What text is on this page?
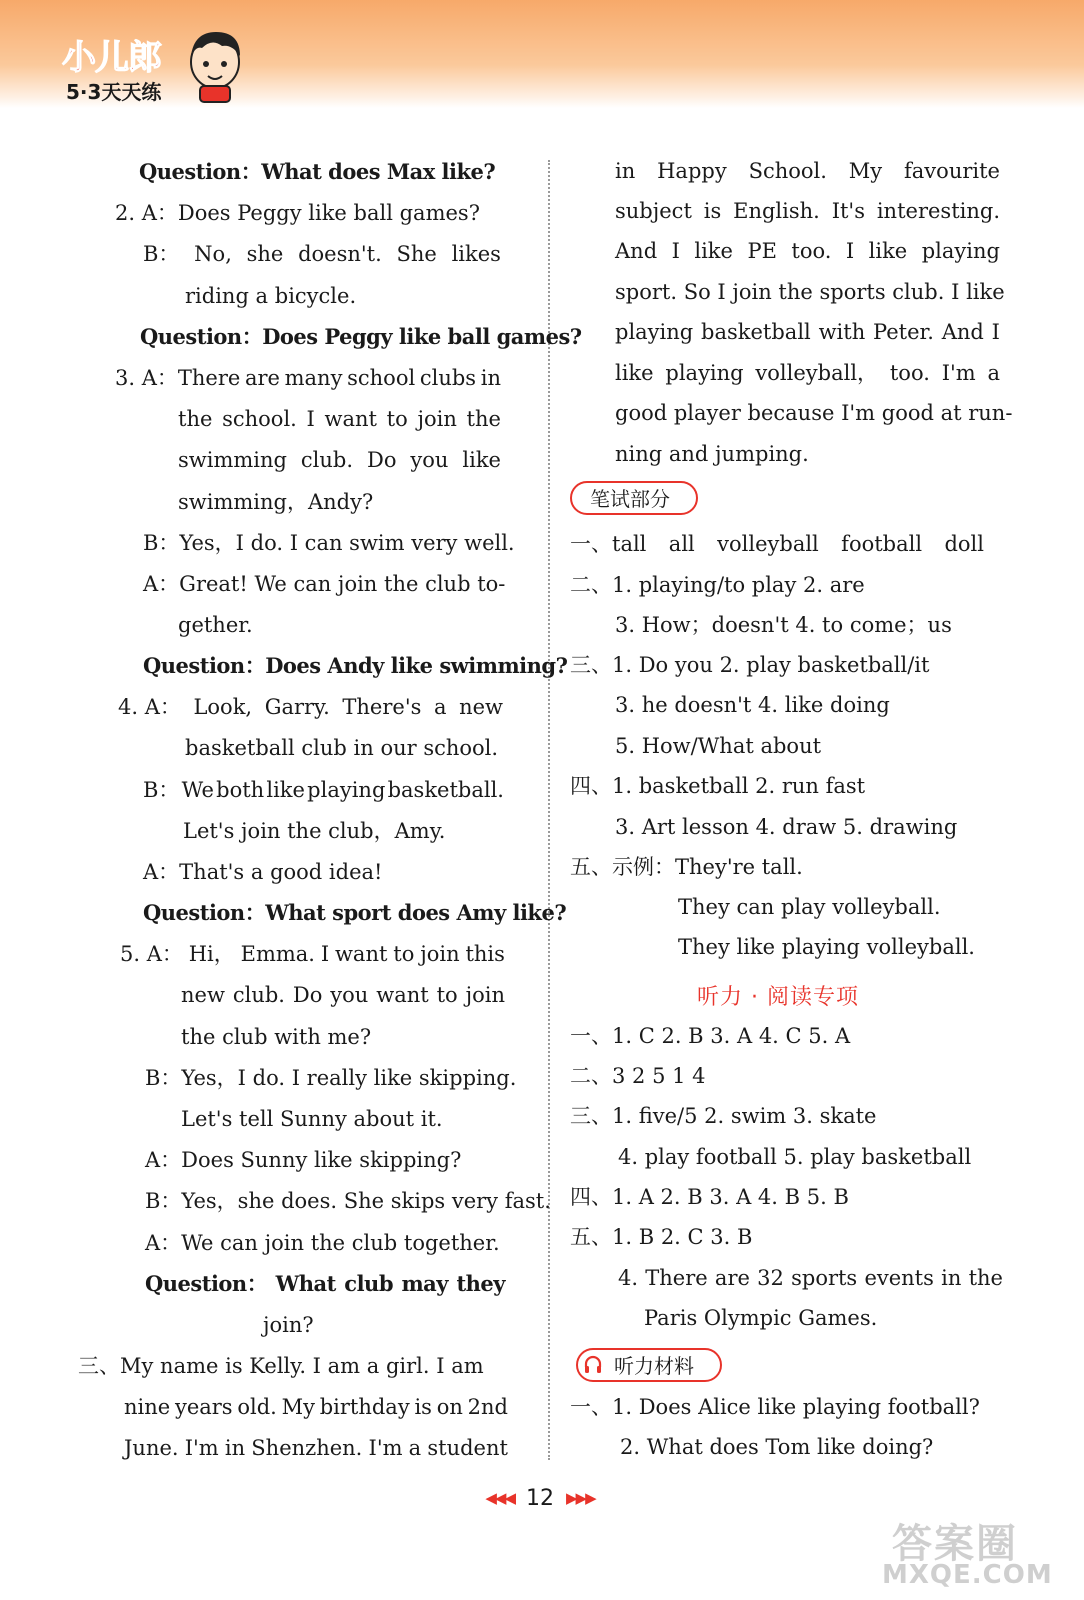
小儿郎
5·3天天练
Question：What does Max like?
2. A：Does Peggy like ball games?
B： No, she doesn't. She likes
riding a bicycle.
Question：Does Peggy like ball games?
3. A：There are many school clubs in
the school. I want to join the
swimming club. Do you like
swimming，Andy?
B：Yes，I do. I can swim very well.
A：Great! We can join the club to-
gether.
Question：Does Andy like swimming?
4. A： Look, Garry. There's a new
basketball club in our school.
B： We both like playing basketball.
Let's join the club，Amy.
A：That's a good idea!
Question：What sport does Amy like?
5. A： Hi， Emma. I want to join this
new club. Do you want to join
the club with me?
B：Yes，I do. I really like skipping.
Let's tell Sunny about it.
A：Does Sunny like skipping?
B：Yes，she does. She skips very fast.
A：We can join the club together.
Question： What club may they
join?
三、My name is Kelly. I am a girl. I am
nine years old. My birthday is on 2nd
June. I'm in Shenzhen. I'm a student
in Happy School. My favourite
subject is English. It's interesting.
And I like PE too. I like playing
sport. So I join the sports club. I like
playing basketball with Peter. And I
like playing volleyball， too. I'm a
good player because I'm good at run-
ning and jumping.
笔试部分
一、tall all volleyball football doll
二、1. playing/to play 2. are
3. How；doesn't 4. to come；us
三、1. Do you 2. play basketball/it
3. he doesn't 4. like doing
5. How/What about
四、1. basketball 2. run fast
3. Art lesson 4. draw 5. drawing
五、示例：They're tall.
They can play volleyball.
They like playing volleyball.
听力 · 阅读专项
一、1. C 2. B 3. A 4. C 5. A
二、3 2 5 1 4
三、1. five/5 2. swim 3. skate
4. play football 5. play basketball
四、1. A 2. B 3. A 4. B 5. B
五、1. B 2. C 3. B
4. There are 32 sports events in the
Paris Olympic Games.
听力材料
一、1. Does Alice like playing football?
2. What does Tom like doing?
◀◀◀ 12 ▶▶▶
答案圈
MXQE.COM
